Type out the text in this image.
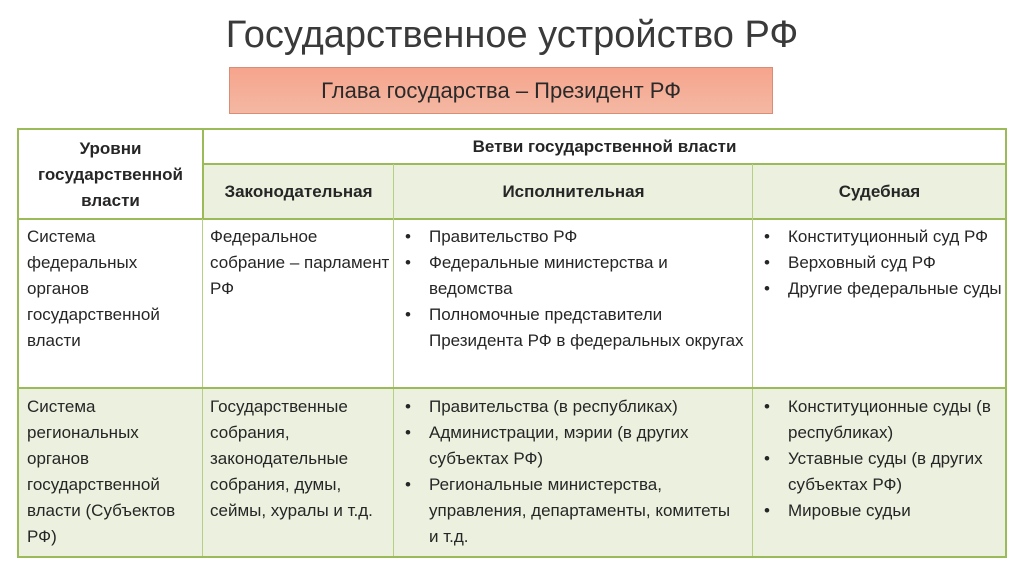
Государственное устройство РФ
Глава государства – Президент РФ
Уровни государственной власти
Ветви государственной власти
Законодательная	Исполнительная	Судебная
Система федеральных органов государственной власти
Федеральное собрание – парламент РФ
• Правительство РФ
• Федеральные министерства и ведомства
• Полномочные представители Президента РФ в федеральных округах
• Конституционный суд РФ
• Верховный суд РФ
• Другие федеральные суды
Система региональных органов государственной власти (Субъектов РФ)
Государственные собрания, законодательные собрания, думы, сеймы, хуралы и т.д.
• Правительства (в республиках)
• Администрации, мэрии (в других субъектах РФ)
• Региональные министерства, управления, департаменты, комитеты и т.д.
• Конституционные суды (в республиках)
• Уставные суды (в других субъектах РФ)
• Мировые судьи
